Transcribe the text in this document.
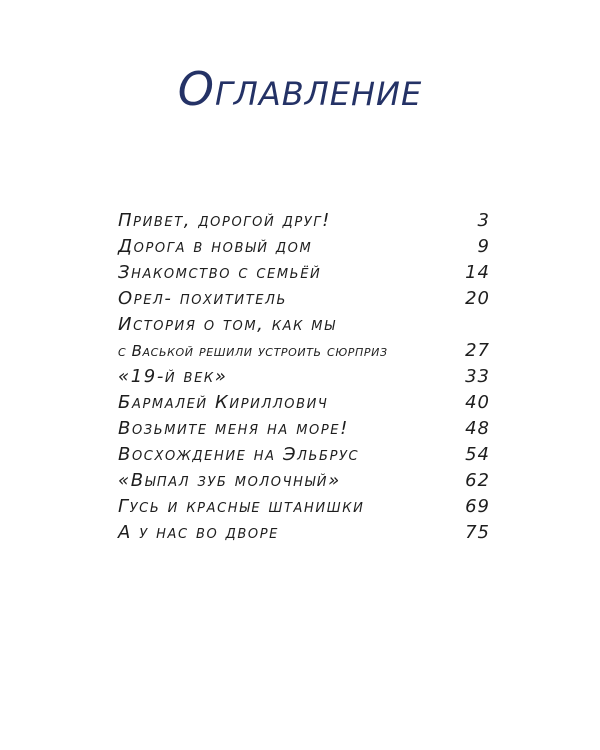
Оглавление
Привет, дорогой друг!	3
Дорога в новый дом	9
Знакомство с семьёй	14
Орел- похититель	20
История о том, как мы
с Васькой решили устроить сюрприз	27
«19-й век»	33
Бармалей Кириллович	40
Возьмите меня на море!	48
Восхождение на Эльбрус	54
«Выпал зуб молочный»	62
Гусь и красные штанишки	69
А у нас во дворе	75
